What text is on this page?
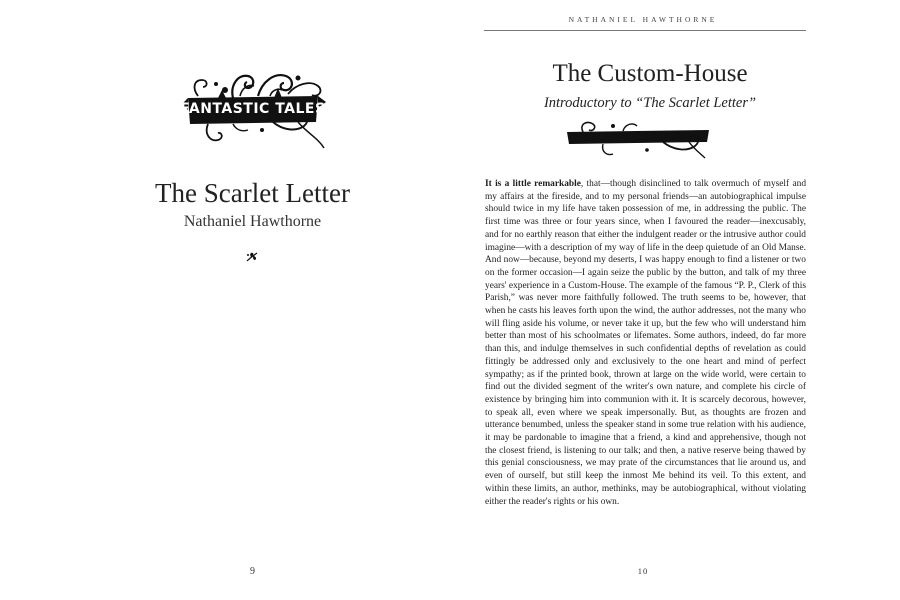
FANTASTIC TALES
The Scarlet Letter

Nathaniel Hawthorne

9
NATHANIEL HAWTHORNE
The Custom-House

Introductory to “The Scarlet Letter”

It is a little remarkable, that—though disinclined to talk overmuch of myself and my affairs at the fireside, and to my personal friends—an autobiographical impulse should twice in my life have taken possession of me, in addressing the public. The first time was three or four years since, when I favoured the reader—inexcusably, and for no earthly reason that either the indulgent reader or the intrusive author could imagine—with a description of my way of life in the deep quietude of an Old Manse. And now—because, beyond my deserts, I was happy enough to find a listener or two on the former occasion—I again seize the public by the button, and talk of my three years' experience in a Custom-House. The example of the famous “P. P., Clerk of this Parish,” was never more faithfully followed. The truth seems to be, however, that when he casts his leaves forth upon the wind, the author addresses, not the many who will fling aside his volume, or never take it up, but the few who will understand him better than most of his schoolmates or lifemates. Some authors, indeed, do far more than this, and indulge themselves in such confidential depths of revelation as could fittingly be addressed only and exclusively to the one heart and mind of perfect sympathy; as if the printed book, thrown at large on the wide world, were certain to find out the divided segment of the writer's own nature, and complete his circle of existence by bringing him into communion with it. It is scarcely decorous, however, to speak all, even where we speak impersonally. But, as thoughts are frozen and utterance benumbed, unless the speaker stand in some true relation with his audience, it may be pardonable to imagine that a friend, a kind and apprehensive, though not the closest friend, is listening to our talk; and then, a native reserve being thawed by this genial consciousness, we may prate of the circumstances that lie around us, and even of ourself, but still keep the inmost Me behind its veil. To this extent, and within these limits, an author, methinks, may be autobiographical, without violating either the reader's rights or his own.

10
